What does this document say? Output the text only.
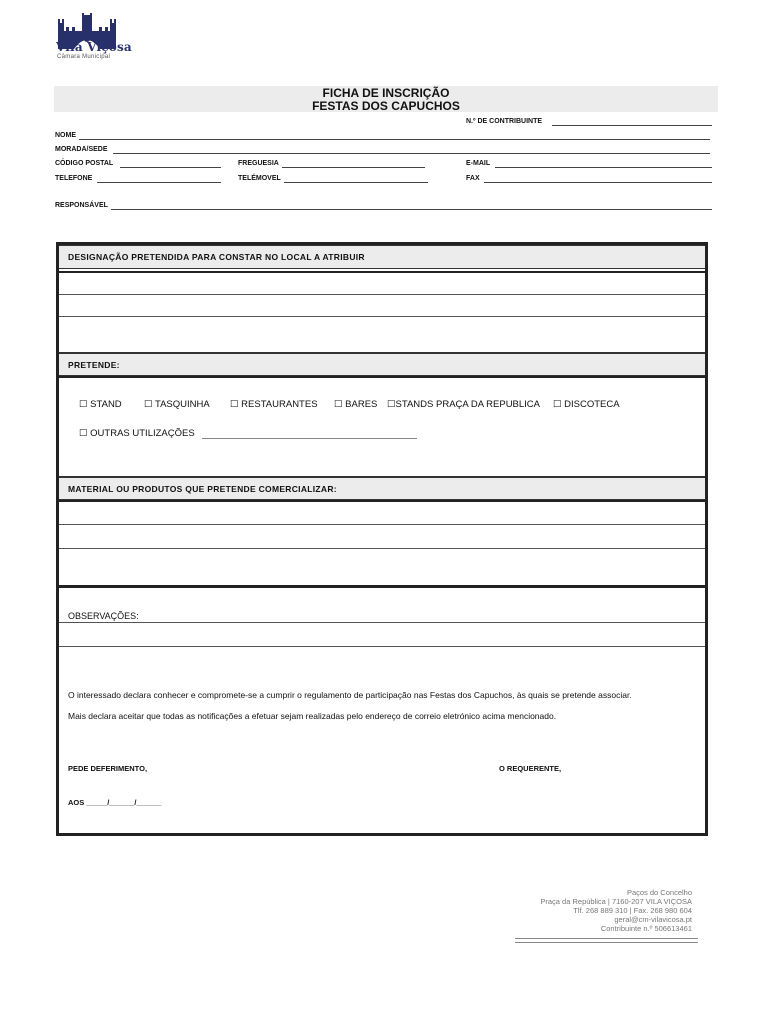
Vila Viçosa
Câmara Municipal
FICHA DE INSCRIÇÃO
FESTAS DOS CAPUCHOS
N.º DE CONTRIBUINTE
NOME
MORADA/SEDE
CÓDIGO POSTAL	FREGUESIA	E-MAIL
TELEFONE	TELÉMOVEL	FAX
RESPONSÁVEL
DESIGNAÇÃO PRETENDIDA PARA CONSTAR NO LOCAL A ATRIBUIR
PRETENDE:
☐ STAND ☐ TASQUINHA ☐ RESTAURANTES ☐ BARES ☐STANDS PRAÇA DA REPUBLICA ☐ DISCOTECA
☐ OUTRAS UTILIZAÇÕES
MATERIAL OU PRODUTOS QUE PRETENDE COMERCIALIZAR:
OBSERVAÇÕES:
O interessado declara conhecer e compromete-se a cumprir o regulamento de participação nas Festas dos Capuchos, às quais se pretende associar.
Mais declara aceitar que todas as notificações a efetuar sejam realizadas pelo endereço de correio eletrónico acima mencionado.
PEDE DEFERIMENTO,	O REQUERENTE,
AOS _____/______/______
Paços do Concelho
Praça da República | 7160-207 VILA VIÇOSA
Tlf. 268 889 310 | Fax. 268 980 604
geral@cm-vilavicosa.pt
Contribuinte n.º 506613461
